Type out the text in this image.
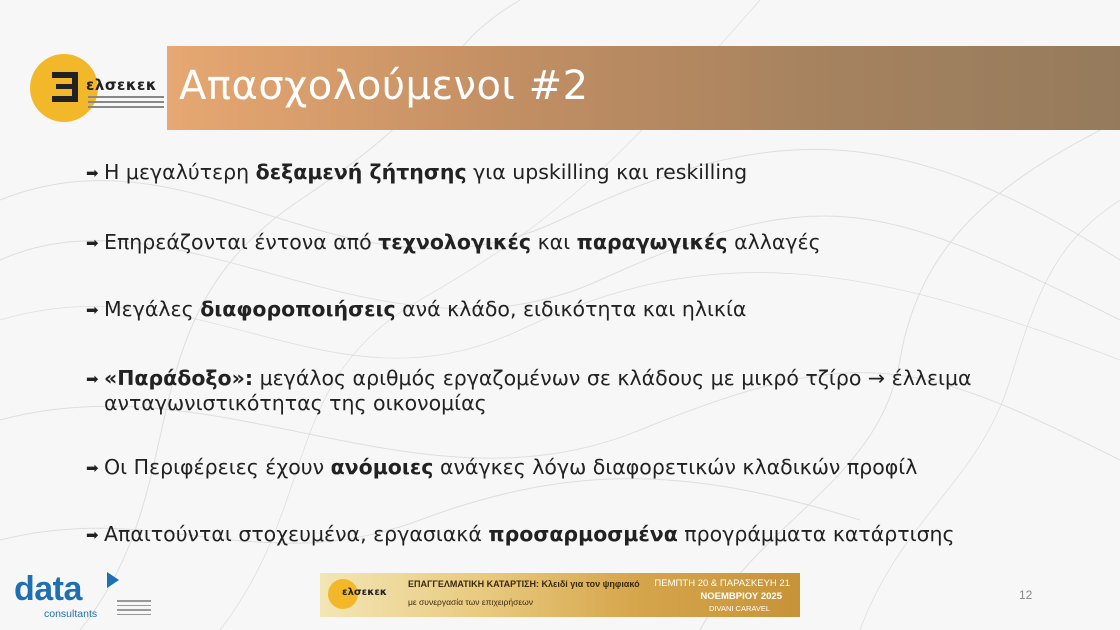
ελσεκεκ Απασχολούμενοι #2
➡ Η μεγαλύτερη δεξαμενή ζήτησης για upskilling και reskilling
➡ Επηρεάζονται έντονα από τεχνολογικές και παραγωγικές αλλαγές
➡ Μεγάλες διαφοροποιήσεις ανά κλάδο, ειδικότητα και ηλικία
➡ «Παράδοξο»: μεγάλος αριθμός εργαζομένων σε κλάδους με μικρό τζίρο → έλλειμα
ανταγωνιστικότητας της οικονομίας
➡ Οι Περιφέρειες έχουν ανόμοιες ανάγκες λόγω διαφορετικών κλαδικών προφίλ
➡ Απαιτούνται στοχευμένα, εργασιακά προσαρμοσμένα προγράμματα κατάρτισης
data
consultants
ελσεκεκ
ΕΠΑΓΓΕΛΜΑΤΙΚΗ ΚΑΤΑΡΤΙΣΗ: Κλειδί για τον ψηφιακό
με συνεργασία των επιχειρήσεων
ΠΕΜΠΤΗ 20 & ΠΑΡΑΣΚΕΥΗ 21
ΝΟΕΜΒΡΙΟΥ 2025
DIVANI CARAVEL
12
